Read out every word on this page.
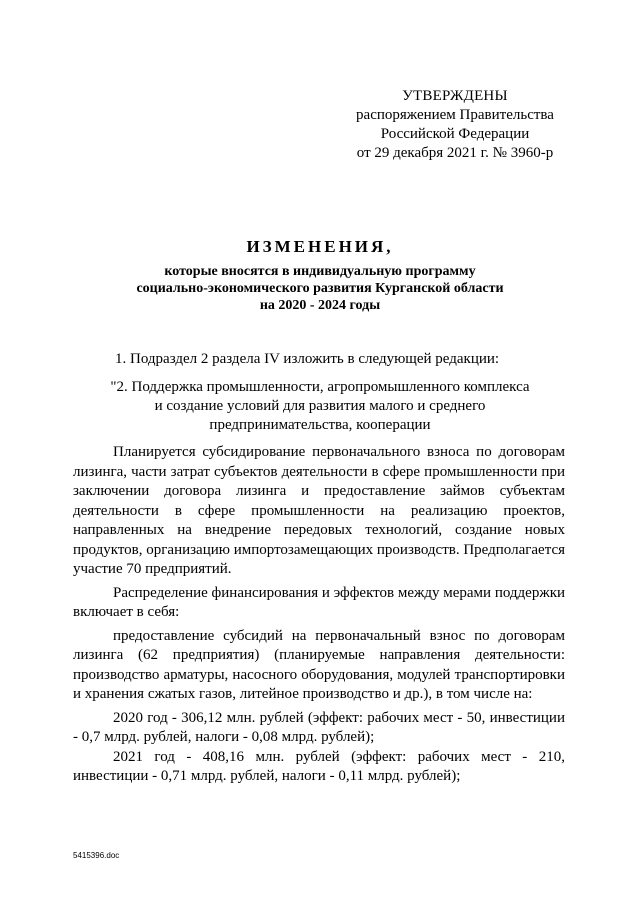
УТВЕРЖДЕНЫ
распоряжением Правительства
Российской Федерации
от 29 декабря 2021 г. № 3960-р
ИЗМЕНЕНИЯ,
которые вносятся в индивидуальную программу
социально-экономического развития Курганской области
на 2020 - 2024 годы
1. Подраздел 2 раздела IV изложить в следующей редакции:
"2. Поддержка промышленности, агропромышленного комплекса
и создание условий для развития малого и среднего
предпринимательства, кооперации

Планируется субсидирование первоначального взноса по договорам лизинга, части затрат субъектов деятельности в сфере промышленности при заключении договора лизинга и предоставление займов субъектам деятельности в сфере промышленности на реализацию проектов, направленных на внедрение передовых технологий, создание новых продуктов, организацию импортозамещающих производств. Предполагается участие 70 предприятий.

Распределение финансирования и эффектов между мерами поддержки включает в себя:

предоставление субсидий на первоначальный взнос по договорам лизинга (62 предприятия) (планируемые направления деятельности: производство арматуры, насосного оборудования, модулей транспортировки и хранения сжатых газов, литейное производство и др.), в том числе на:

2020 год - 306,12 млн. рублей (эффект: рабочих мест - 50, инвестиции - 0,7 млрд. рублей, налоги - 0,08 млрд. рублей);

2021 год - 408,16 млн. рублей (эффект: рабочих мест - 210, инвестиции - 0,71 млрд. рублей, налоги - 0,11 млрд. рублей);

5415396.doc
